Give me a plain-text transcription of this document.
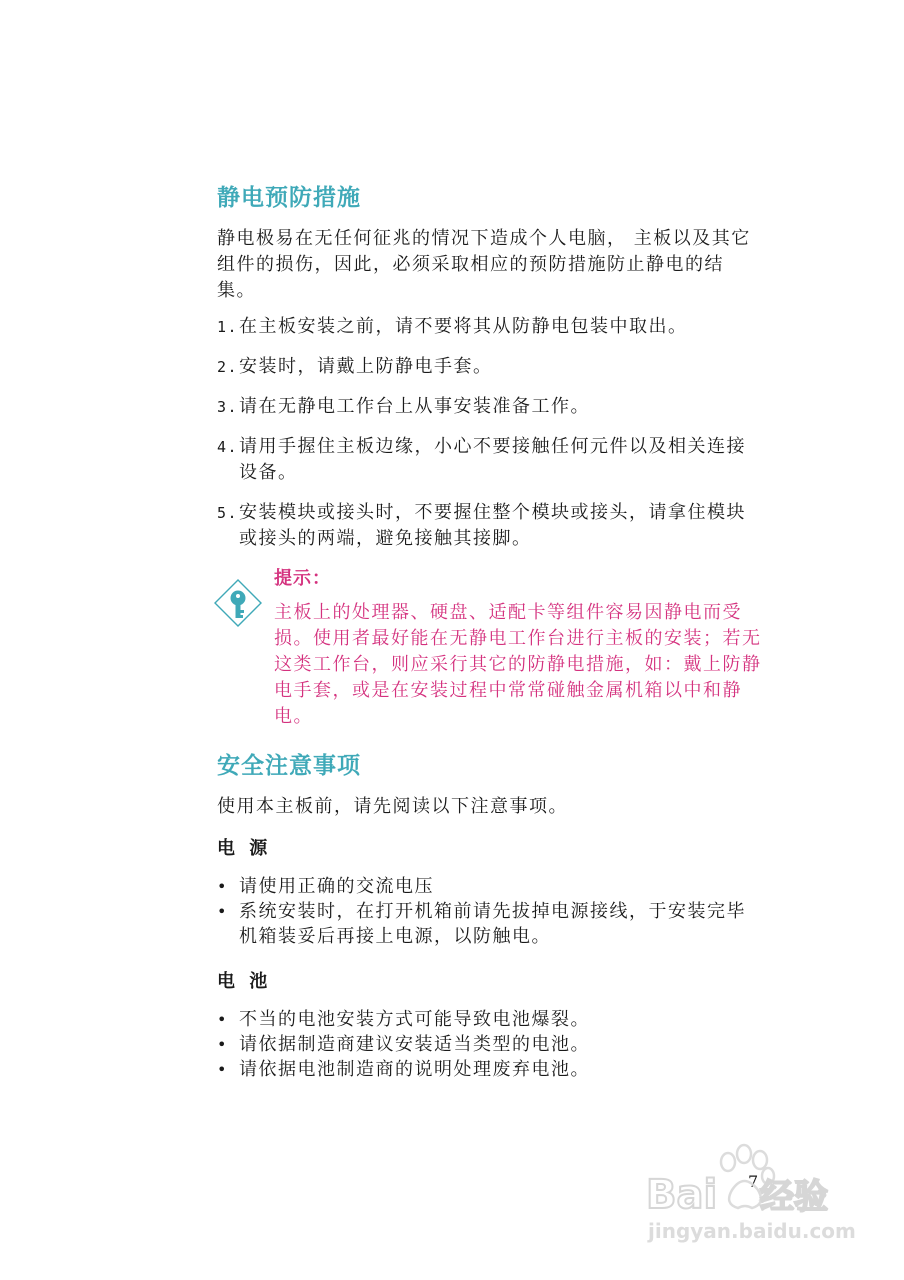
静电预防措施

静电极易在无任何征兆的情况下造成个人电脑， 主板以及其它组件的损伤，因此，必须采取相应的预防措施防止静电的结集。

1. 在主板安装之前，请不要将其从防静电包装中取出。
2. 安装时，请戴上防静电手套。
3. 请在无静电工作台上从事安装准备工作。
4. 请用手握住主板边缘，小心不要接触任何元件以及相关连接设备。
5. 安装模块或接头时，不要握住整个模块或接头，请拿住模块或接头的两端，避免接触其接脚。

提示：

主板上的处理器、硬盘、适配卡等组件容易因静电而受损。使用者最好能在无静电工作台进行主板的安装；若无这类工作台，则应采行其它的防静电措施，如：戴上防静电手套，或是在安装过程中常常碰触金属机箱以中和静电。

安全注意事项

使用本主板前，请先阅读以下注意事项。

电 源
• 请使用正确的交流电压
• 系统安装时，在打开机箱前请先拔掉电源接线，于安装完毕机箱装妥后再接上电源，以防触电。
电 池
• 不当的电池安装方式可能导致电池爆裂。
• 请依据制造商建议安装适当类型的电池。
• 请依据电池制造商的说明处理废弃电池。
7
Bai 经验
jingyan.baidu.com
